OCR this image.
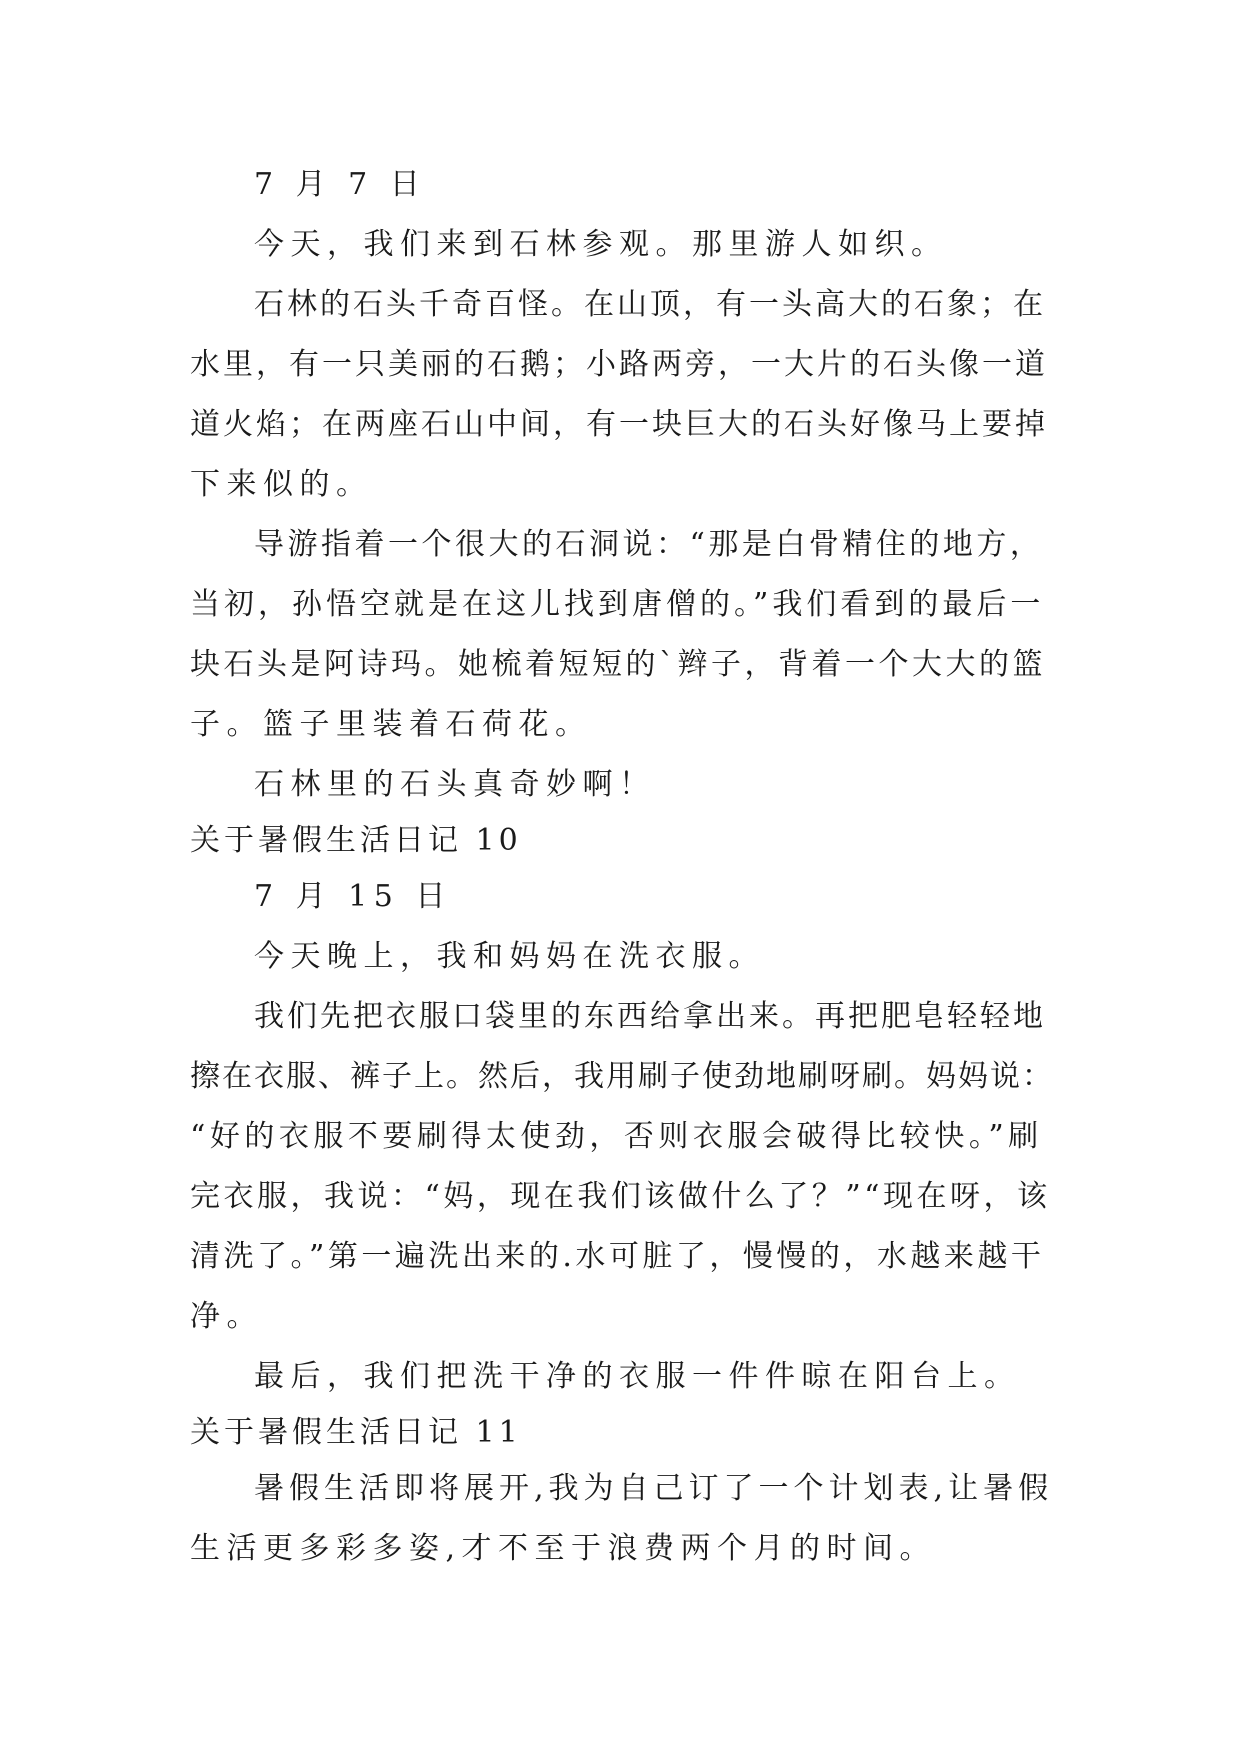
7 月 7 日
今天，我们来到石林参观。那里游人如织。
石林的石头千奇百怪。在山顶，有一头高大的石象；在
水里，有一只美丽的石鹅；小路两旁，一大片的石头像一道
道火焰；在两座石山中间，有一块巨大的石头好像马上要掉
下来似的。
导游指着一个很大的石洞说：“那是白骨精住的地方，
当初，孙悟空就是在这儿找到唐僧的。”我们看到的最后一
块石头是阿诗玛。她梳着短短的`辫子，背着一个大大的篮
子。篮子里装着石荷花。
石林里的石头真奇妙啊！
关于暑假生活日记 10
7 月 15 日
今天晚上，我和妈妈在洗衣服。
我们先把衣服口袋里的东西给拿出来。再把肥皂轻轻地
擦在衣服、裤子上。然后，我用刷子使劲地刷呀刷。妈妈说：
“好的衣服不要刷得太使劲，否则衣服会破得比较快。”刷
完衣服，我说：“妈，现在我们该做什么了？”“现在呀，该
清洗了。”第一遍洗出来的.水可脏了，慢慢的，水越来越干
净。
最后，我们把洗干净的衣服一件件晾在阳台上。
关于暑假生活日记 11
暑假生活即将展开,我为自己订了一个计划表,让暑假
生活更多彩多姿,才不至于浪费两个月的时间。
